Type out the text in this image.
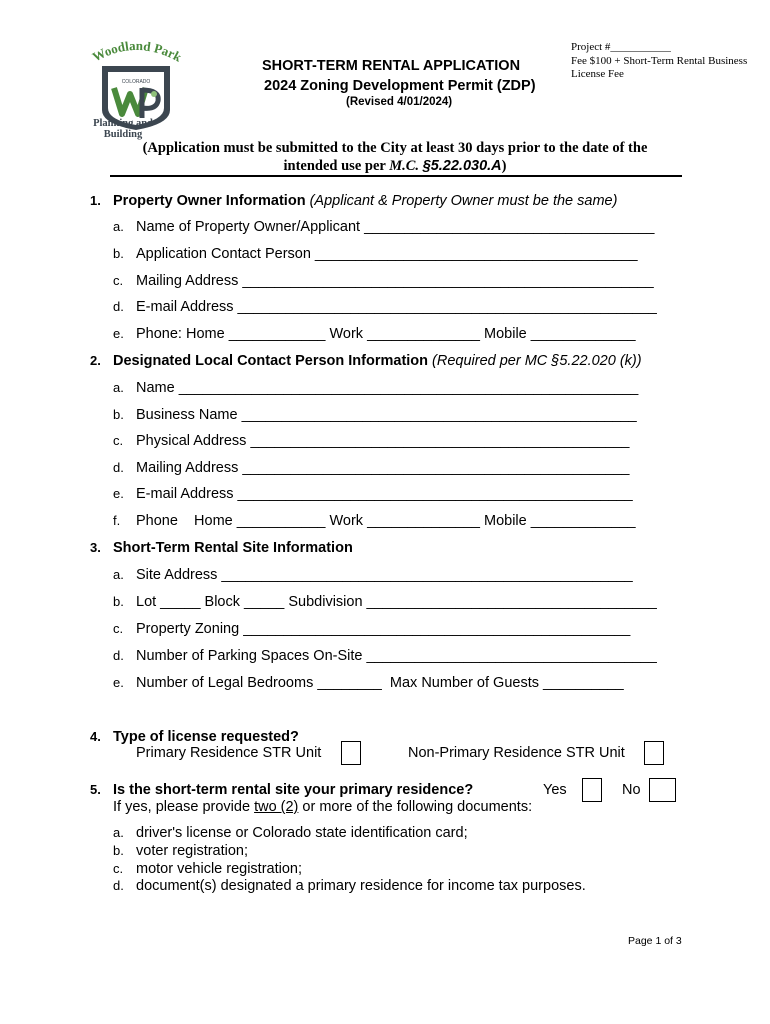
Woodland Park
COLORADO
Planning and
Building
SHORT-TERM RENTAL APPLICATION
2024 Zoning Development Permit (ZDP)
(Revised 4/01/2024)
Project #___________
Fee $100 + Short-Term Rental Business
License Fee
(Application must be submitted to the City at least 30 days prior to the date of the
intended use per M.C. §5.22.030.A)
1. Property Owner Information (Applicant & Property Owner must be the same)
a. Name of Property Owner/Applicant ____________________________________
b. Application Contact Person ________________________________________
c. Mailing Address ___________________________________________________
d. E-mail Address ____________________________________________________
e. Phone: Home ____________ Work ______________ Mobile _____________
2. Designated Local Contact Person Information (Required per MC §5.22.020 (k))
a. Name _________________________________________________________
b. Business Name _________________________________________________
c. Physical Address _______________________________________________
d. Mailing Address ________________________________________________
e. E-mail Address _________________________________________________
f. Phone    Home ___________ Work ______________ Mobile _____________
3. Short-Term Rental Site Information
a. Site Address ___________________________________________________
b. Lot _____ Block _____ Subdivision ____________________________________
c. Property Zoning ________________________________________________
d. Number of Parking Spaces On-Site ____________________________________
e. Number of Legal Bedrooms ________  Max Number of Guests __________
4. Type of license requested?
Primary Residence STR Unit	Non-Primary Residence STR Unit
5. Is the short-term rental site your primary residence?	Yes	No
If yes, please provide two (2) or more of the following documents:
a. driver's license or Colorado state identification card;
b. voter registration;
c. motor vehicle registration;
d. document(s) designated a primary residence for income tax purposes.
Page 1 of 3
